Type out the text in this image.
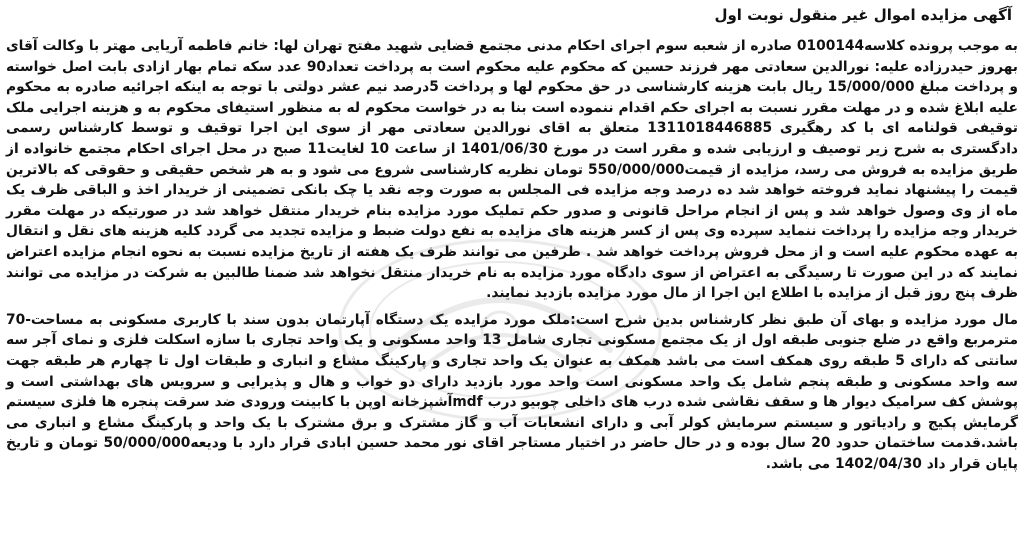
آگهی مزایده اموال غیر منقول نوبت اول

به موجب پرونده کلاسه0100144 صادره از شعبه سوم اجرای احکام مدنی مجتمع قضایی شهید مفتح تهران لها: خانم فاطمه آریایی مهتر با وکالت آقای بهروز حیدرزاده علیه: نورالدین سعادتی مهر فرزند حسین که محکوم علیه محکوم است به پرداخت تعداد90 عدد سکه تمام بهار ازادی بابت اصل خواسته و پرداخت مبلغ 15/000/000 ریال بابت هزینه کارشناسی در حق محکوم لها و پرداخت 5درصد نیم عشر دولتی با توجه به اینکه اجرائیه صادره به محکوم علیه ابلاغ شده و در مهلت مقرر نسبت به اجرای حکم اقدام ننموده است بنا به در خواست محکوم له به منظور استیفای محکوم به و هزینه اجرایی ملک توقیفی قولنامه ای با کد رهگیری 1311018446885 متعلق به اقای نورالدین سعادتی مهر از سوی این اجرا توقیف و توسط کارشناس رسمی دادگستری به شرح زیر توصیف و ارزیابی شده و مقرر است در مورخ 1401/06/30 از ساعت 10 لغایت11 صبح در محل اجرای احکام مجتمع خانواده از طریق مزایده به فروش می رسد، مزایده از قیمت550/000/000 تومان نظریه کارشناسی شروع می شود و به هر شخص حقیقی و حقوقی که بالاترین قیمت را پیشنهاد نماید فروخته خواهد شد ده درصد وجه مزایده فی المجلس به صورت وجه نقد یا چک بانکی تضمینی از خریدار اخذ و الباقی ظرف یک ماه از وی وصول خواهد شد و پس از انجام مراحل قانونی و صدور حکم تملیک مورد مزایده بنام خریدار منتقل خواهد شد در صورتیکه در مهلت مقرر خریدار وجه مزایده را پرداخت ننماید سپرده وی پس از کسر هزینه های مزایده به نفع دولت ضبط و مزایده تجدید می گردد کلیه هزینه های نقل و انتقال به عهده محکوم علیه است و از محل فروش پرداخت خواهد شد . طرفین می توانند ظرف یک هفته از تاریخ مزایده نسبت به نحوه انجام مزایده اعتراض نمایند که در این صورت تا رسیدگی به اعتراض از سوی دادگاه مورد مزایده به نام خریدار منتقل نخواهد شد ضمنا طالبین به شرکت در مزایده می توانند ظرف پنج روز قبل از مزایده با اطلاع این اجرا از مال مورد مزایده بازدید نمایند.

مال مورد مزایده و بهای آن طبق نظر کارشناس بدین شرح است:ملک مورد مزایده یک دستگاه آپارتمان بدون سند با کاربری مسکونی به مساحت-70 مترمربع واقع در ضلع جنوبی طبقه اول از یک مجتمع مسکونی تجاری شامل 13 واحد مسکونی و یک واحد تجاری با سازه اسکلت فلزی و نمای آجر سه سانتی که دارای 5 طبقه روی همکف است می باشد همکف به عنوان یک واحد تجاری و پارکینگ مشاع و انباری و طبقات اول تا چهارم هر طبقه جهت سه واحد مسکونی و طبقه پنجم شامل یک واحد مسکونی است واحد مورد بازدید دارای دو خواب و هال و پذیرایی و سرویس های بهداشتی است و پوشش کف سرامیک دیوار ها و سقف نقاشی شده درب های داخلی چوبیو درب mdfآشپزخانه اوپن با کابینت ورودی ضد سرقت پنجره ها فلزی سیستم گرمایش پکیج و رادیاتور و سیستم سرمایش کولر آبی و دارای انشعابات آب و گاز مشترک و برق مشترک با یک واحد و پارکینگ مشاع و انباری می باشد.قدمت ساختمان حدود 20 سال بوده و در حال حاضر در اختیار مستاجر اقای نور محمد حسین ابادی قرار دارد با ودیعه50/000/000 تومان و تاریخ پایان قرار داد 1402/04/30 می باشد.
